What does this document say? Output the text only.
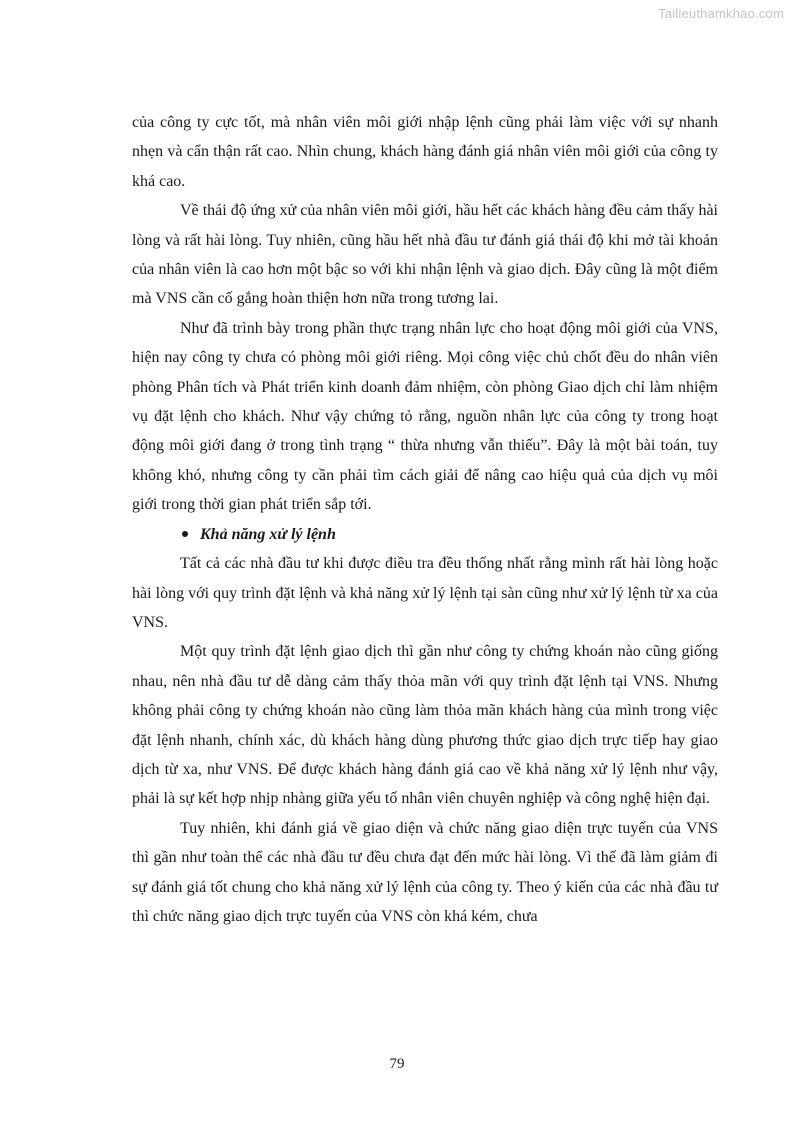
Tailieuthamkhao.com

của công ty cực tốt, mà nhân viên môi giới nhập lệnh cũng phải làm việc với sự nhanh nhẹn và cẩn thận rất cao. Nhìn chung, khách hàng đánh giá nhân viên môi giới của công ty khá cao.

Về thái độ ứng xử của nhân viên môi giới, hầu hết các khách hàng đều cảm thấy hài lòng và rất hài lòng. Tuy nhiên, cũng hầu hết nhà đầu tư đánh giá thái độ khi mở tài khoản của nhân viên là cao hơn một bậc so với khi nhận lệnh và giao dịch. Đây cũng là một điểm mà VNS cần cố gắng hoàn thiện hơn nữa trong tương lai.

Như đã trình bày trong phần thực trạng nhân lực cho hoạt động môi giới của VNS, hiện nay công ty chưa có phòng môi giới riêng. Mọi công việc chủ chốt đều do nhân viên phòng Phân tích và Phát triển kinh doanh đảm nhiệm, còn phòng Giao dịch chỉ làm nhiệm vụ đặt lệnh cho khách. Như vậy chứng tỏ rằng, nguồn nhân lực của công ty trong hoạt động môi giới đang ở trong tình trạng “ thừa nhưng vẫn thiếu”. Đây là một bài toán, tuy không khó, nhưng công ty cần phải tìm cách giải để nâng cao hiệu quả của dịch vụ môi giới trong thời gian phát triển sắp tới.

Khả năng xử lý lệnh

Tất cả các nhà đầu tư khi được điều tra đều thống nhất rằng mình rất hài lòng hoặc hài lòng với quy trình đặt lệnh và khả năng xử lý lệnh tại sàn cũng như xử lý lệnh từ xa của VNS.

Một quy trình đặt lệnh giao dịch thì gần như công ty chứng khoán nào cũng giống nhau, nên nhà đầu tư dễ dàng cảm thấy thỏa mãn với quy trình đặt lệnh tại VNS. Nhưng không phải công ty chứng khoán nào cũng làm thỏa mãn khách hàng của mình trong việc đặt lệnh nhanh, chính xác, dù khách hàng dùng phương thức giao dịch trực tiếp hay giao dịch từ xa, như VNS. Để được khách hàng đánh giá cao về khả năng xử lý lệnh như vậy, phải là sự kết hợp nhịp nhàng giữa yếu tố nhân viên chuyên nghiệp và công nghệ hiện đại.

Tuy nhiên, khi đánh giá về giao diện và chức năng giao diện trực tuyến của VNS thì gần như toàn thể các nhà đầu tư đều chưa đạt đến mức hài lòng. Vì thế đã làm giảm đi sự đánh giá tốt chung cho khả năng xử lý lệnh của công ty. Theo ý kiến của các nhà đầu tư thì chức năng giao dịch trực tuyến của VNS còn khá kém, chưa

79
